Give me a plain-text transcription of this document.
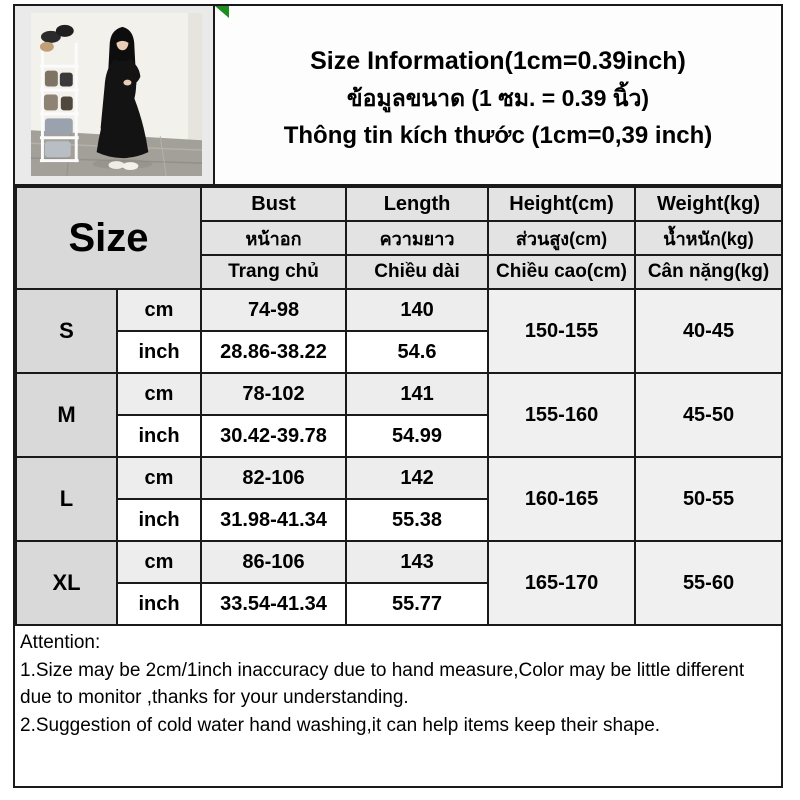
Size Information(1cm=0.39inch)
ข้อมูลขนาด (1 ซม. = 0.39 นิ้ว)
Thông tin kích thước (1cm=0,39 inch)
Size		Bust	Length	Height(cm)	Weight(kg)
		หน้าอก	ความยาว	ส่วนสูง(cm)	น้ำหนัก(kg)
		Trang chủ	Chiều dài	Chiều cao(cm)	Cân nặng(kg)
S	cm	74-98	140	150-155	40-45
	inch	28.86-38.22	54.6		
M	cm	78-102	141	155-160	45-50
	inch	30.42-39.78	54.99		
L	cm	82-106	142	160-165	50-55
	inch	31.98-41.34	55.38		
XL	cm	86-106	143	165-170	55-60
	inch	33.54-41.34	55.77		

Attention:

1.Size may be 2cm/1inch inaccuracy due to hand measure,Color may be little different due to monitor ,thanks for your understanding.

2.Suggestion of cold water hand washing,it can help items keep their shape.
